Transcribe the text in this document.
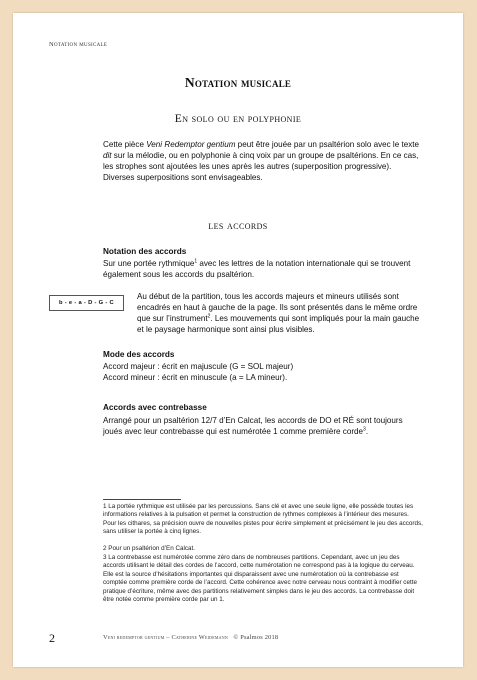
Notation musicale
Notation musicale
En solo ou en polyphonie
Cette pièce Veni Redemptor gentium peut être jouée par un psaltérion solo avec le texte dit sur la mélodie, ou en polyphonie à cinq voix par un groupe de psaltérions. En ce cas, les strophes sont ajoutées les unes après les autres (superposition progressive). Diverses superpositions sont envisageables.
les accords
Notation des accords
Sur une portée rythmique$^1$ avec les lettres de la notation internationale qui se trouvent également sous les accords du psaltérion.
b - e - a - D - G - C
Au début de la partition, tous les accords majeurs et mineurs utilisés sont encadrés en haut à gauche de la page. Ils sont présentés dans le même ordre que sur l’instrument$^2$. Les mouvements qui sont impliqués pour la main gauche et le paysage harmonique sont ainsi plus visibles.
Mode des accords
Accord majeur : écrit en majuscule (G = SOL majeur)
Accord mineur : écrit en minuscule (a = LA mineur).
Accords avec contrebasse
Arrangé pour un psaltérion 12/7 d’En Calcat, les accords de DO et RÉ sont toujours joués avec leur contrebasse qui est numérotée 1 comme première corde$^3$.
1 La portée rythmique est utilisée par les percussions. Sans clé et avec une seule ligne, elle possède toutes les informations relatives à la pulsation et permet la construction de rythmes complexes à l’intérieur des mesures. Pour les cithares, sa précision ouvre de nouvelles pistes pour écrire simplement et précisément le jeu des accords, sans utiliser la portée à cinq lignes.
2 Pour un psaltérion d’En Calcat.
3 La contrebasse est numérotée comme zéro dans de nombreuses partitions. Cependant, avec un jeu des accords utilisant le détail des cordes de l’accord, cette numérotation ne correspond pas à la logique du cerveau. Elle est la source d’hésitations importantes qui disparaissent avec une numérotation où la contrebasse est comptée comme première corde de l’accord. Cette cohérence avec notre cerveau nous contraint à modifier cette pratique d’écriture, même avec des partitions relativement simples dans le jeu des accords. La contrebasse doit être notée comme première corde par un 1.
2	Veni redemptor gentium – Catherine Weidemann © Psalmos 2018
